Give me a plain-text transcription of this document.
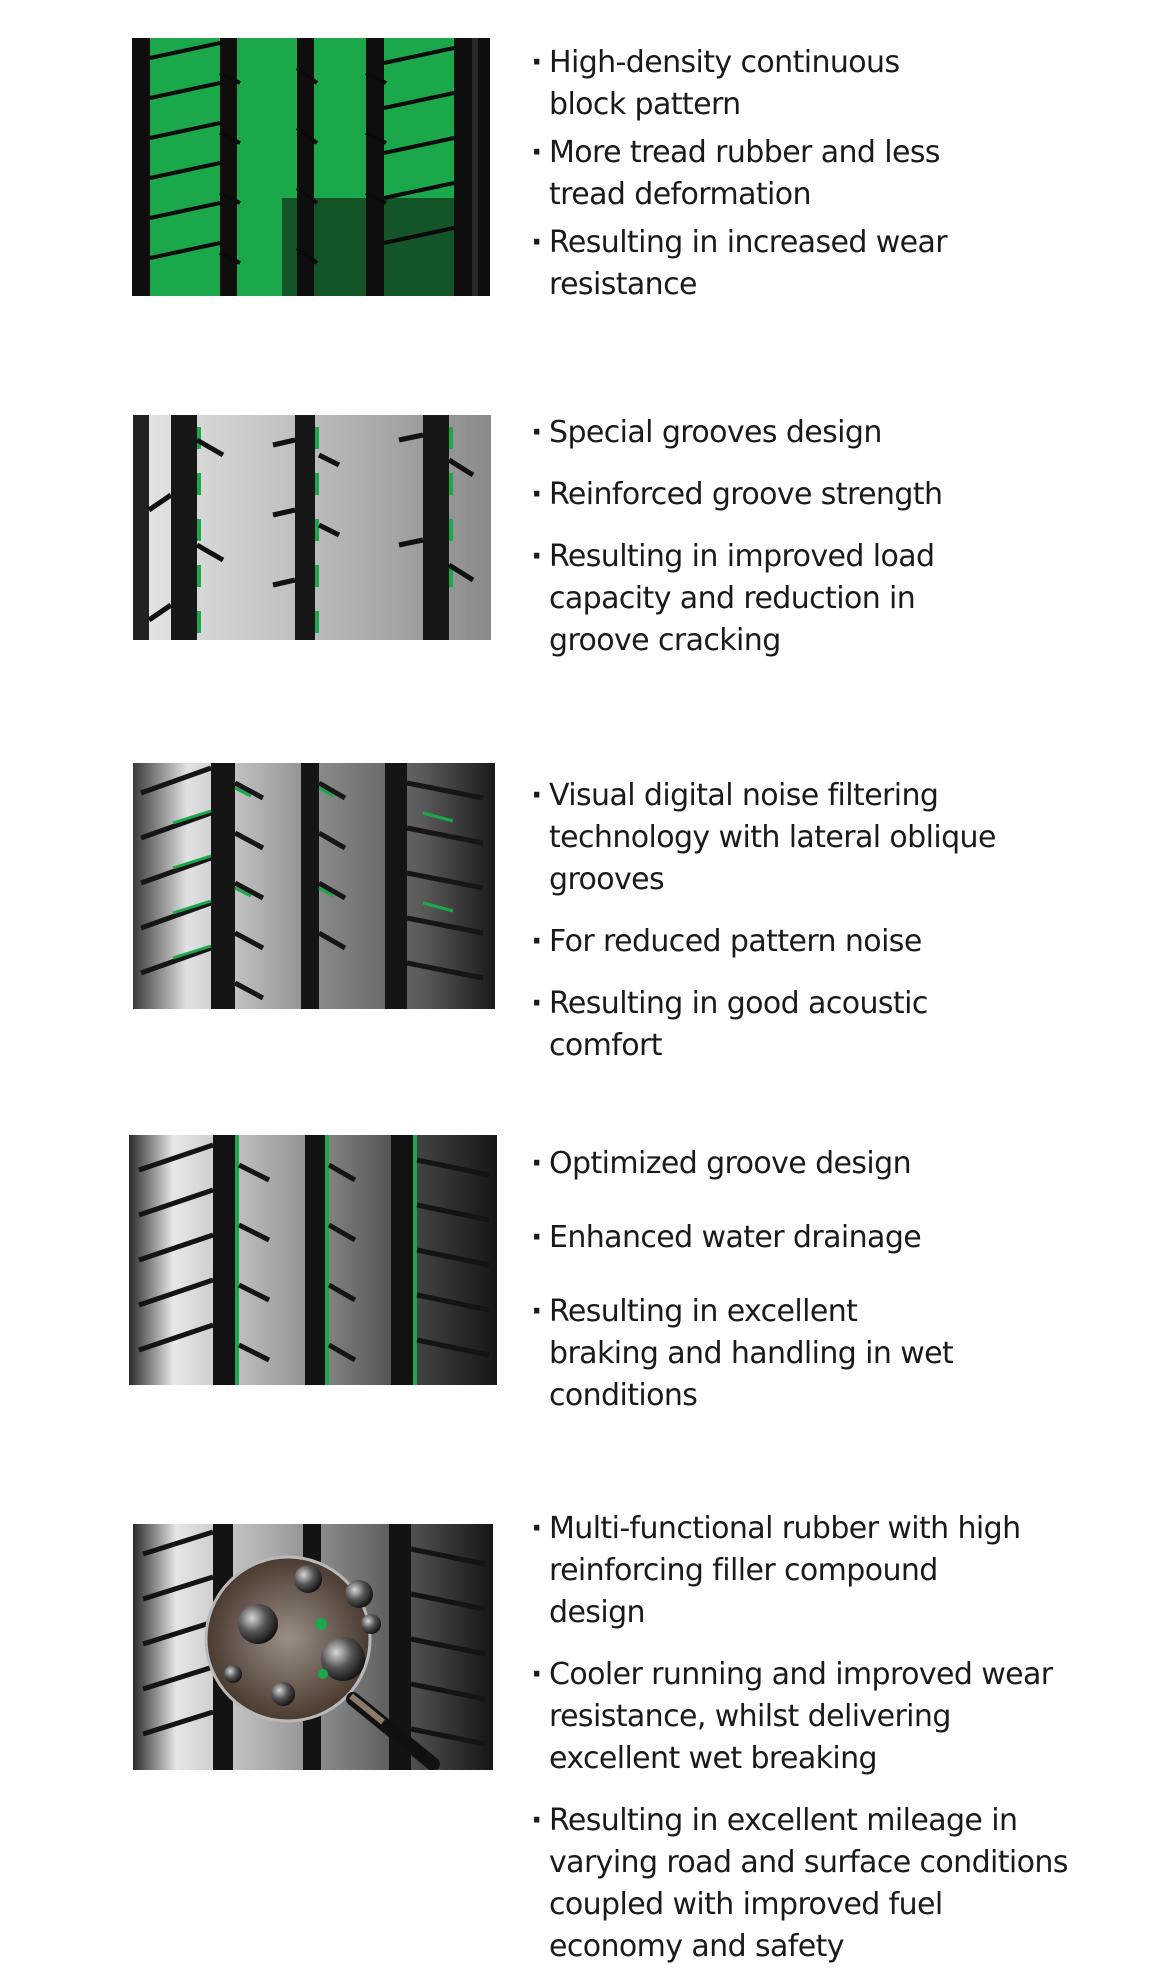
· High-density continuous block pattern
· More tread rubber and less tread deformation
· Resulting in increased wear resistance
· Special grooves design
· Reinforced groove strength
· Resulting in improved load capacity and reduction in groove cracking
· Visual digital noise filtering technology with lateral oblique grooves
· For reduced pattern noise
· Resulting in good acoustic comfort
· Optimized groove design
· Enhanced water drainage
· Resulting in excellent braking and handling in wet conditions
· Multi-functional rubber with high reinforcing filler compound design
· Cooler running and improved wear resistance, whilst delivering excellent wet breaking
· Resulting in excellent mileage in varying road and surface conditions coupled with improved fuel economy and safety
